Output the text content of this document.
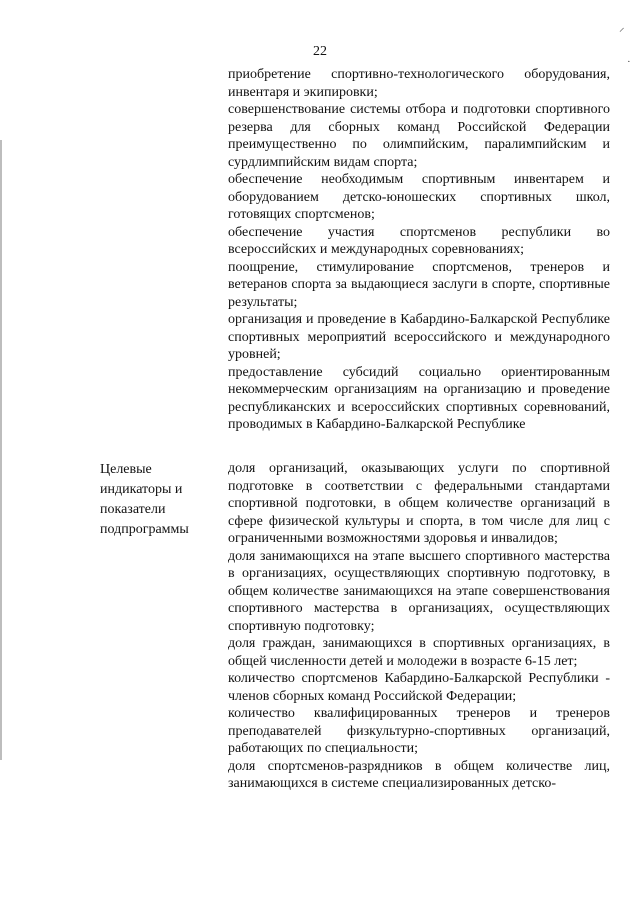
⸝
·
22

приобретение спортивно-технологического оборудования, инвентаря и экипировки;

совершенствование системы отбора и подготовки спортивного резерва для сборных команд Российской Федерации преимущественно по олимпийским, паралимпийским и сурдлимпийским видам спорта;

обеспечение необходимым спортивным инвентарем и оборудованием детско-юношеских спортивных школ, готовящих спортсменов;

обеспечение участия спортсменов республики во всероссийских и международных соревнованиях;

поощрение, стимулирование спортсменов, тренеров и ветеранов спорта за выдающиеся заслуги в спорте, спортивные результаты;

организация и проведение в Кабардино-Балкарской Республике спортивных мероприятий всероссийского и международного уровней;

предоставление субсидий социально ориентированным некоммерческим организациям на организацию и проведение республиканских и всероссийских спортивных соревнований, проводимых в Кабардино-Балкарской Республике

Целевые
индикаторы и
показатели
подпрограммы

доля организаций, оказывающих услуги по спортивной подготовке в соответствии с федеральными стандартами спортивной подготовки, в общем количестве организаций в сфере физической культуры и спорта, в том числе для лиц с ограниченными возможностями здоровья и инвалидов;

доля занимающихся на этапе высшего спортивного мастерства в организациях, осуществляющих спортивную подготовку, в общем количестве занимающихся на этапе совершенствования спортивного мастерства в организациях, осуществляющих спортивную подготовку;

доля граждан, занимающихся в спортивных организациях, в общей численности детей и молодежи в возрасте 6-15 лет;

количество спортсменов Кабардино-Балкарской Республики - членов сборных команд Российской Федерации;

количество квалифицированных тренеров и тренеров преподавателей физкультурно-спортивных организаций, работающих по специальности;

доля спортсменов-разрядников в общем количестве лиц, занимающихся в системе специализированных детско-
